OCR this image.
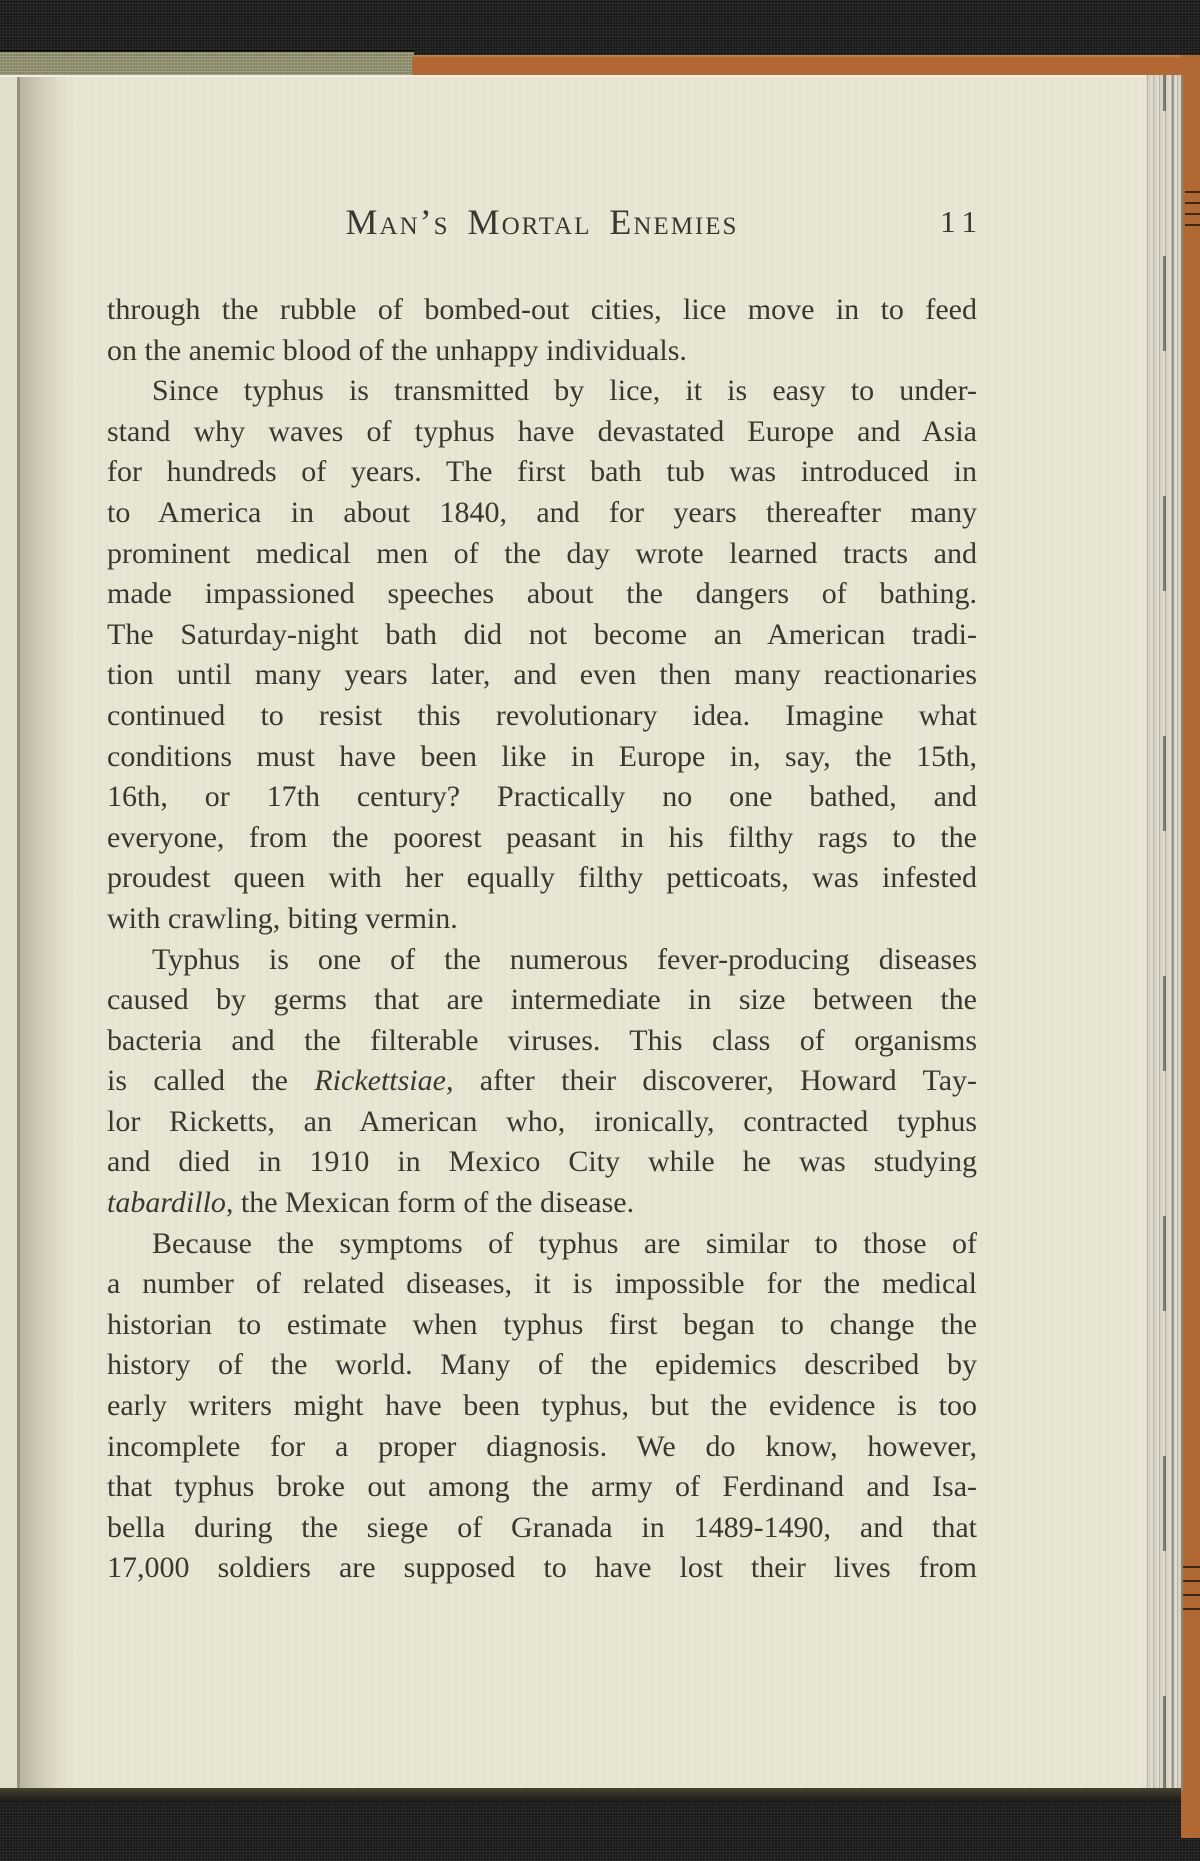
Man’s Mortal Enemies	11
through the rubble of bombed-out cities, lice move in to feed
on the anemic blood of the unhappy individuals.
Since typhus is transmitted by lice, it is easy to under-
stand why waves of typhus have devastated Europe and Asia
for hundreds of years. The first bath tub was introduced in
to America in about 1840, and for years thereafter many
prominent medical men of the day wrote learned tracts and
made impassioned speeches about the dangers of bathing.
The Saturday-night bath did not become an American tradi-
tion until many years later, and even then many reactionaries
continued to resist this revolutionary idea. Imagine what
conditions must have been like in Europe in, say, the 15th,
16th, or 17th century? Practically no one bathed, and
everyone, from the poorest peasant in his filthy rags to the
proudest queen with her equally filthy petticoats, was infested
with crawling, biting vermin.
Typhus is one of the numerous fever-producing diseases
caused by germs that are intermediate in size between the
bacteria and the filterable viruses. This class of organisms
is called the Rickettsiae, after their discoverer, Howard Tay-
lor Ricketts, an American who, ironically, contracted typhus
and died in 1910 in Mexico City while he was studying
tabardillo, the Mexican form of the disease.
Because the symptoms of typhus are similar to those of
a number of related diseases, it is impossible for the medical
historian to estimate when typhus first began to change the
history of the world. Many of the epidemics described by
early writers might have been typhus, but the evidence is too
incomplete for a proper diagnosis. We do know, however,
that typhus broke out among the army of Ferdinand and Isa-
bella during the siege of Granada in 1489-1490, and that
17,000 soldiers are supposed to have lost their lives from
